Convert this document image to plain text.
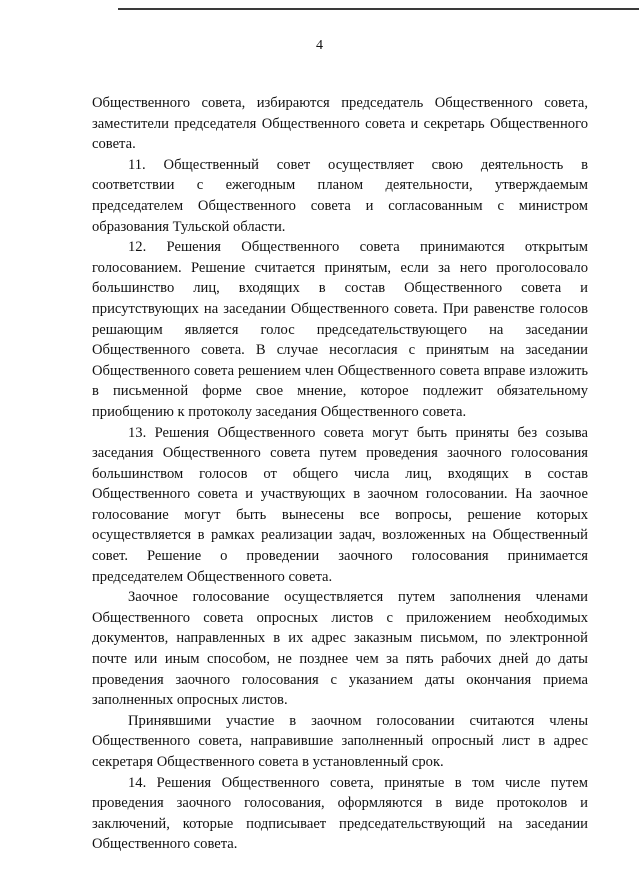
4

Общественного совета, избираются председатель Общественного совета, заместители председателя Общественного совета и секретарь Общественного совета.

11. Общественный совет осуществляет свою деятельность в соответствии с ежегодным планом деятельности, утверждаемым председателем Общественного совета и согласованным с министром образования Тульской области.

12. Решения Общественного совета принимаются открытым голосованием. Решение считается принятым, если за него проголосовало большинство лиц, входящих в состав Общественного совета и присутствующих на заседании Общественного совета. При равенстве голосов решающим является голос председательствующего на заседании Общественного совета. В случае несогласия с принятым на заседании Общественного совета решением член Общественного совета вправе изложить в письменной форме свое мнение, которое подлежит обязательному приобщению к протоколу заседания Общественного совета.

13. Решения Общественного совета могут быть приняты без созыва заседания Общественного совета путем проведения заочного голосования большинством голосов от общего числа лиц, входящих в состав Общественного совета и участвующих в заочном голосовании. На заочное голосование могут быть вынесены все вопросы, решение которых осуществляется в рамках реализации задач, возложенных на Общественный совет. Решение о проведении заочного голосования принимается председателем Общественного совета.

Заочное голосование осуществляется путем заполнения членами Общественного совета опросных листов с приложением необходимых документов, направленных в их адрес заказным письмом, по электронной почте или иным способом, не позднее чем за пять рабочих дней до даты проведения заочного голосования с указанием даты окончания приема заполненных опросных листов.

Принявшими участие в заочном голосовании считаются члены Общественного совета, направившие заполненный опросный лист в адрес секретаря Общественного совета в установленный срок.

14. Решения Общественного совета, принятые в том числе путем проведения заочного голосования, оформляются в виде протоколов и заключений, которые подписывает председательствующий на заседании Общественного совета.
